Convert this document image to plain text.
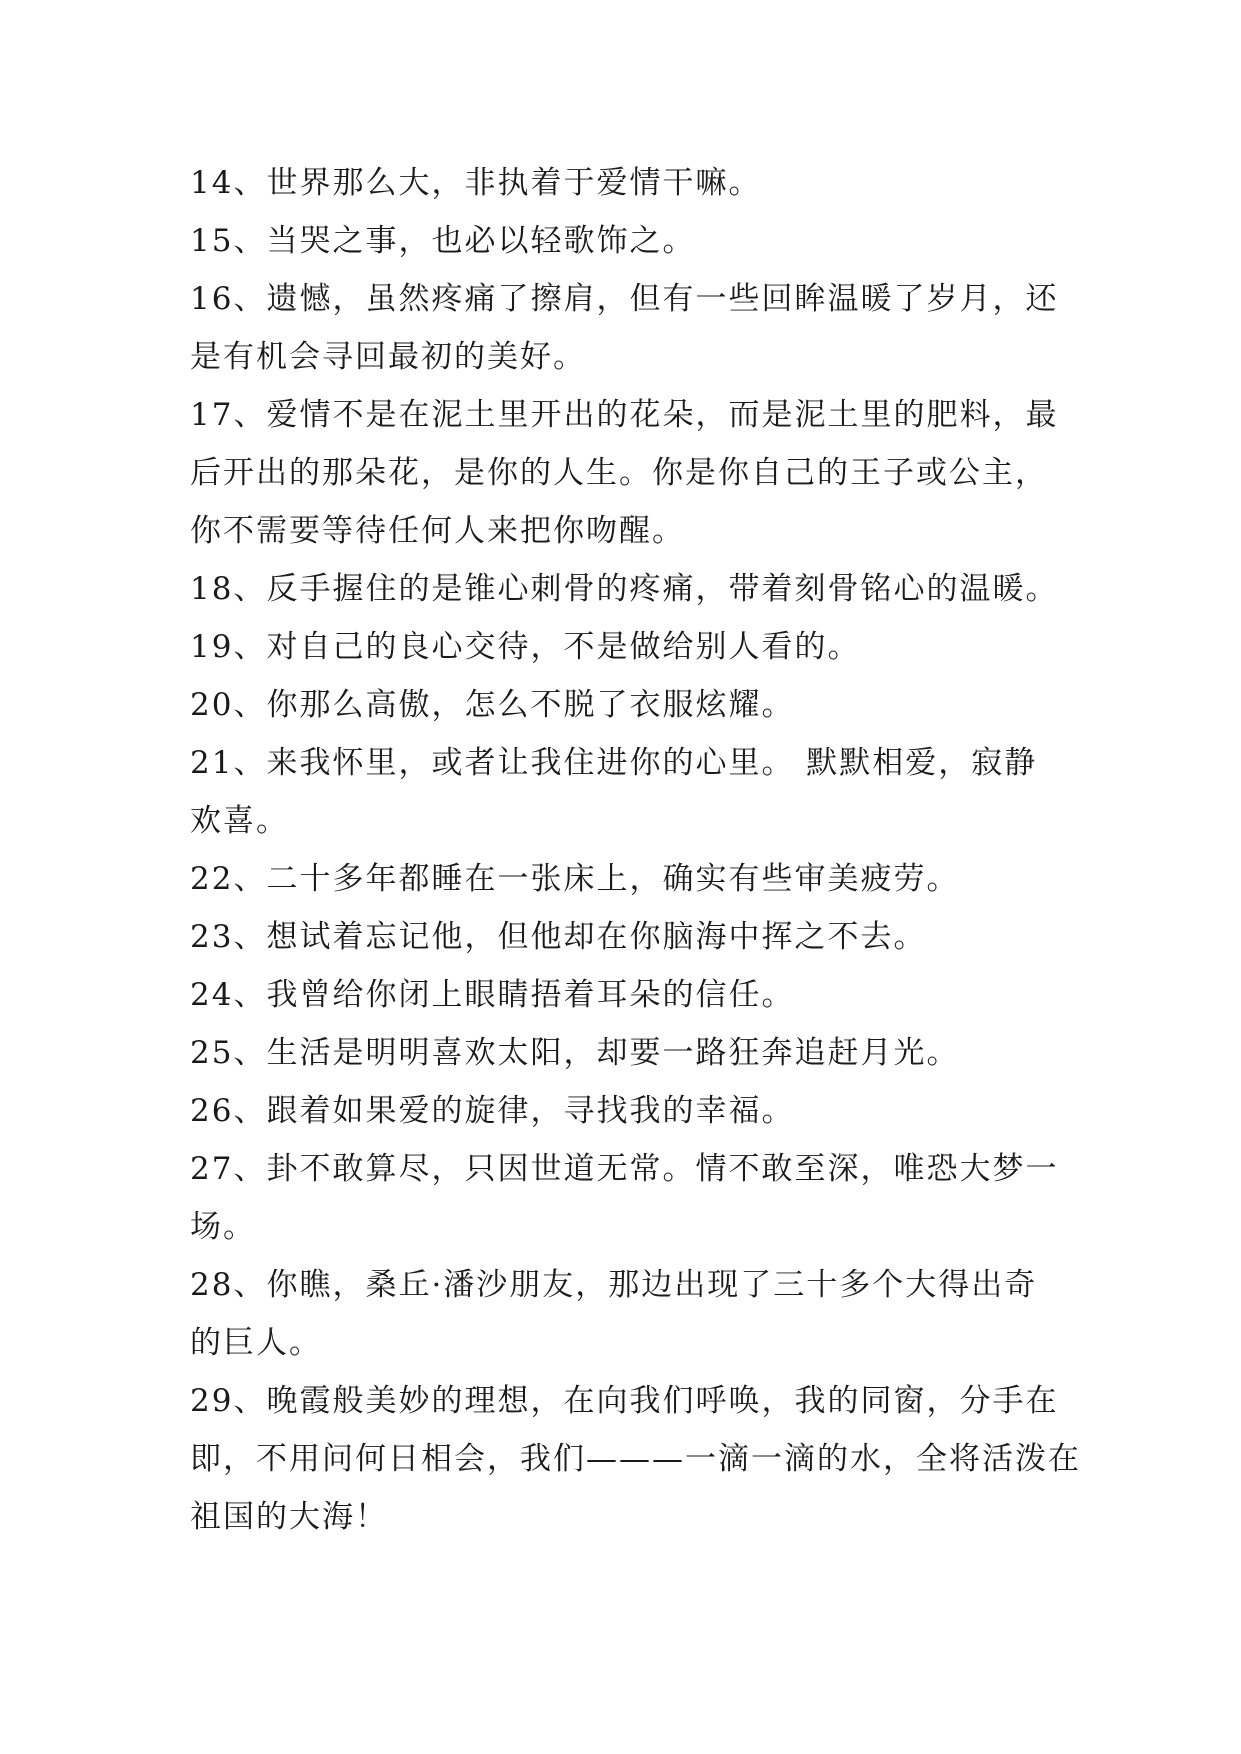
14、世界那么大，非执着于爱情干嘛。
15、当哭之事，也必以轻歌饰之。
16、遗憾，虽然疼痛了擦肩，但有一些回眸温暖了岁月，还
是有机会寻回最初的美好。
17、爱情不是在泥土里开出的花朵，而是泥土里的肥料，最
后开出的那朵花，是你的人生。你是你自己的王子或公主，
你不需要等待任何人来把你吻醒。
18、反手握住的是锥心刺骨的疼痛，带着刻骨铭心的温暖。
19、对自己的良心交待，不是做给别人看的。
20、你那么高傲，怎么不脱了衣服炫耀。
21、来我怀里，或者让我住进你的心里。 默默相爱，寂静
欢喜。
22、二十多年都睡在一张床上，确实有些审美疲劳。
23、想试着忘记他，但他却在你脑海中挥之不去。
24、我曾给你闭上眼睛捂着耳朵的信任。
25、生活是明明喜欢太阳，却要一路狂奔追赶月光。
26、跟着如果爱的旋律，寻找我的幸福。
27、卦不敢算尽，只因世道无常。情不敢至深，唯恐大梦一
场。
28、你瞧，桑丘·潘沙朋友，那边出现了三十多个大得出奇
的巨人。
29、晚霞般美妙的理想，在向我们呼唤，我的同窗，分手在
即，不用问何日相会，我们———一滴一滴的水，全将活泼在
祖国的大海！
